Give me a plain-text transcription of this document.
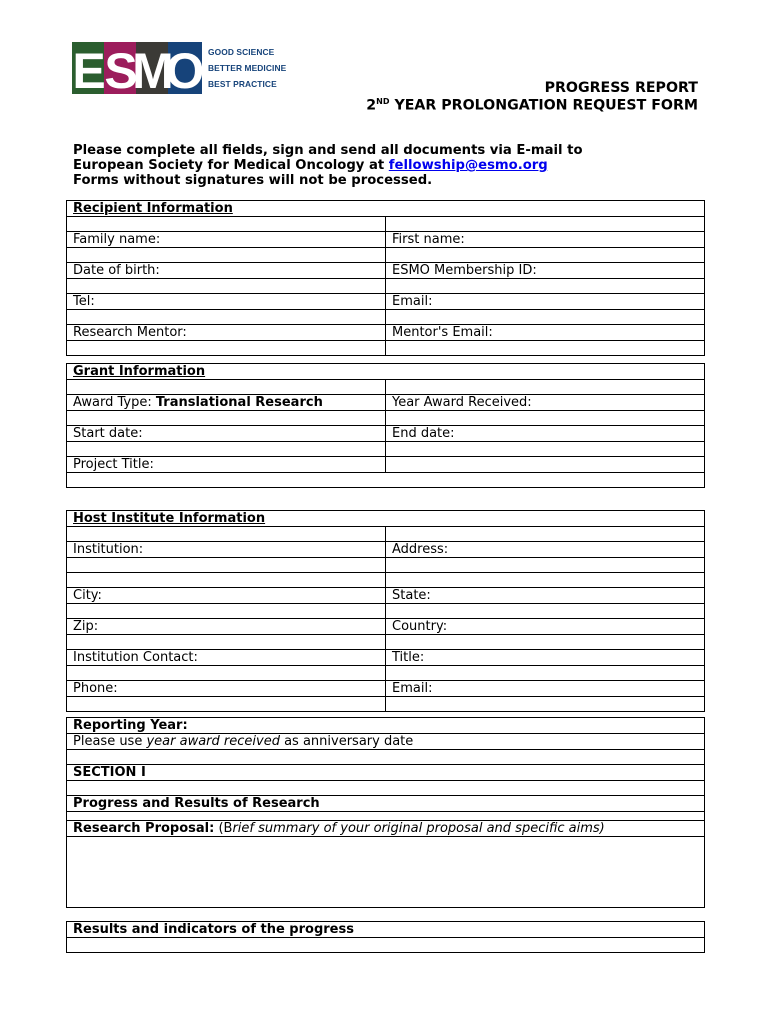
E
S
M
O GOOD SCIENCE
BETTER MEDICINE
BEST PRACTICE	PROGRESS REPORT
2ND YEAR PROLONGATION REQUEST FORM
Please complete all fields, sign and send all documents via E-mail to
European Society for Medical Oncology at fellowship@esmo.org
Forms without signatures will not be processed.
Recipient Information	

Family name:	First name:

Date of birth:	ESMO Membership ID:

Tel:	Email:

Research Mentor:	Mentor's Email:

Grant Information	

Award Type: Translational Research	Year Award Received:

Start date:	End date:

Project Title:	

Host Institute Information	

Institution:	Address:

City:	State:

Zip:	Country:

Institution Contact:	Title:

Phone:	Email:

Reporting Year:
Please use year award received as anniversary date

SECTION I

Progress and Results of Research

Research Proposal: (Brief summary of your original proposal and specific aims)

Results and indicators of the progress
